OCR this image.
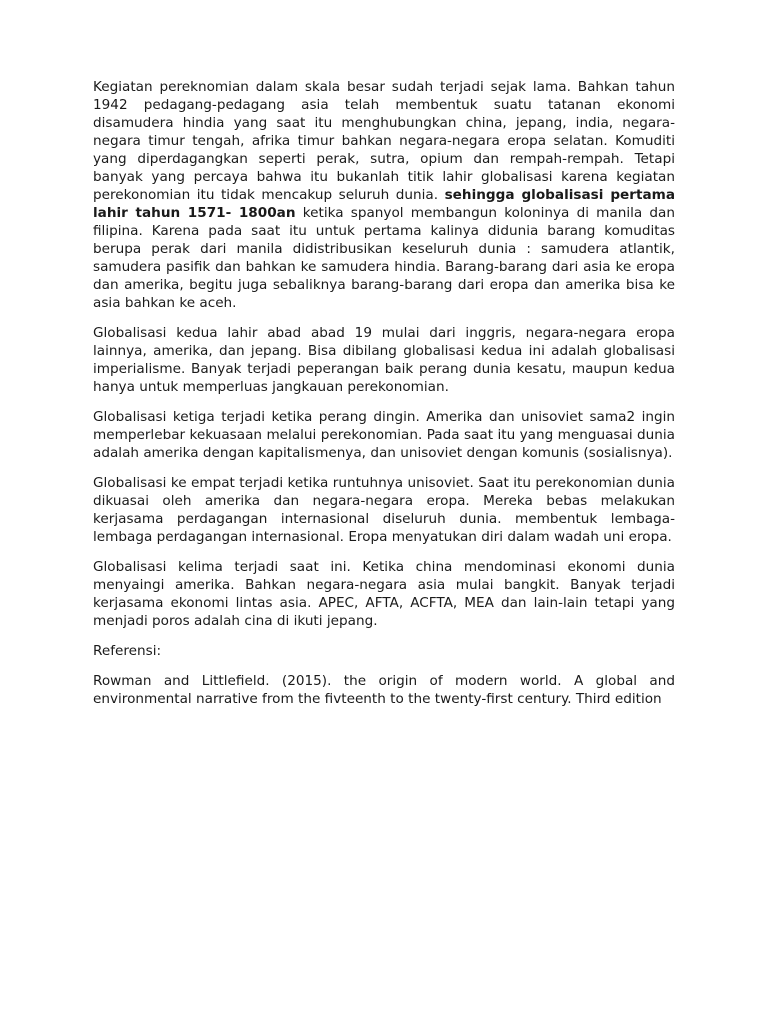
Kegiatan pereknomian dalam skala besar sudah terjadi sejak lama. Bahkan tahun 1942 pedagang-pedagang asia telah membentuk suatu tatanan ekonomi disamudera hindia yang saat itu menghubungkan china, jepang, india, negara-negara timur tengah, afrika timur bahkan negara-negara eropa selatan. Komuditi yang diperdagangkan seperti perak, sutra, opium dan rempah-rempah. Tetapi banyak yang percaya bahwa itu bukanlah titik lahir globalisasi karena kegiatan perekonomian itu tidak mencakup seluruh dunia. sehingga globalisasi pertama lahir tahun 1571- 1800an ketika spanyol membangun koloninya di manila dan filipina. Karena pada saat itu untuk pertama kalinya didunia barang komuditas berupa perak dari manila didistribusikan keseluruh dunia : samudera atlantik, samudera pasifik dan bahkan ke samudera hindia. Barang-barang dari asia ke eropa dan amerika, begitu juga sebaliknya barang-barang dari eropa dan amerika bisa ke asia bahkan ke aceh.

Globalisasi kedua lahir abad abad 19 mulai dari inggris, negara-negara eropa lainnya, amerika, dan jepang. Bisa dibilang globalisasi kedua ini adalah globalisasi imperialisme. Banyak terjadi peperangan baik perang dunia kesatu, maupun kedua hanya untuk memperluas jangkauan perekonomian.

Globalisasi ketiga terjadi ketika perang dingin. Amerika dan unisoviet sama2 ingin memperlebar kekuasaan melalui perekonomian. Pada saat itu yang menguasai dunia adalah amerika dengan kapitalismenya, dan unisoviet dengan komunis (sosialisnya).

Globalisasi ke empat terjadi ketika runtuhnya unisoviet. Saat itu perekonomian dunia dikuasai oleh amerika dan negara-negara eropa. Mereka bebas melakukan kerjasama perdagangan internasional diseluruh dunia. membentuk lembaga-lembaga perdagangan internasional. Eropa menyatukan diri dalam wadah uni eropa.

Globalisasi kelima terjadi saat ini. Ketika china mendominasi ekonomi dunia menyaingi amerika. Bahkan negara-negara asia mulai bangkit. Banyak terjadi kerjasama ekonomi lintas asia. APEC, AFTA, ACFTA, MEA dan lain-lain tetapi yang menjadi poros adalah cina di ikuti jepang.

Referensi:

Rowman and Littlefield. (2015). the origin of modern world. A global and environmental narrative from the fivteenth to the twenty-first century. Third edition
